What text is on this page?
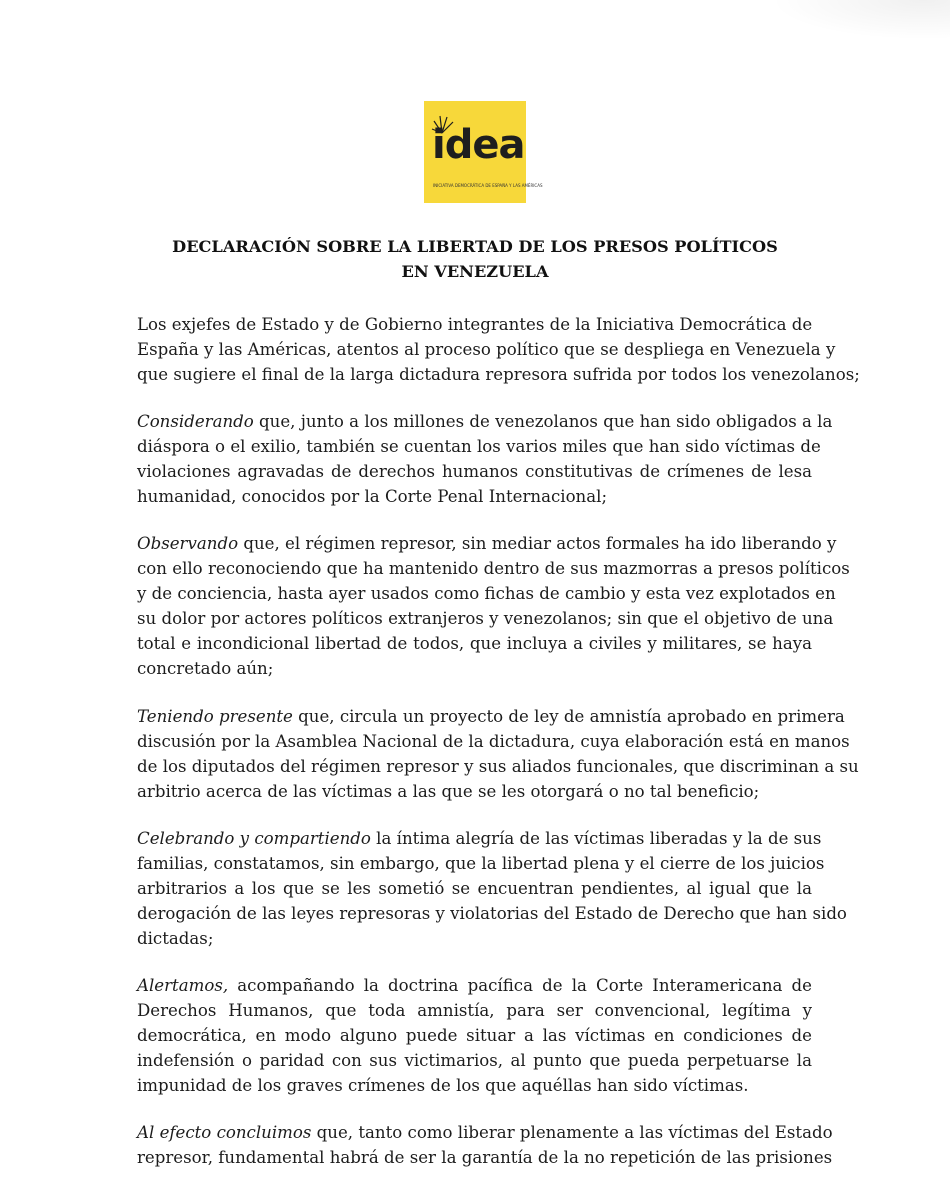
idea
INICIATIVA DEMOCRÁTICA DE ESPAÑA Y LAS AMÉRICAS
DECLARACIÓN SOBRE LA LIBERTAD DE LOS PRESOS POLÍTICOS
EN VENEZUELA
Los exjefes de Estado y de Gobierno integrantes de la Iniciativa Democrática de
España y las Américas, atentos al proceso político que se despliega en Venezuela y
que sugiere el final de la larga dictadura represora sufrida por todos los venezolanos;
Considerando que, junto a los millones de venezolanos que han sido obligados a la
diáspora o el exilio, también se cuentan los varios miles que han sido víctimas de
violaciones agravadas de derechos humanos constitutivas de crímenes de lesa
humanidad, conocidos por la Corte Penal Internacional;
Observando que, el régimen represor, sin mediar actos formales ha ido liberando y
con ello reconociendo que ha mantenido dentro de sus mazmorras a presos políticos
y de conciencia, hasta ayer usados como fichas de cambio y esta vez explotados en
su dolor por actores políticos extranjeros y venezolanos; sin que el objetivo de una
total e incondicional libertad de todos, que incluya a civiles y militares, se haya
concretado aún;
Teniendo presente que, circula un proyecto de ley de amnistía aprobado en primera
discusión por la Asamblea Nacional de la dictadura, cuya elaboración está en manos
de los diputados del régimen represor y sus aliados funcionales, que discriminan a su
arbitrio acerca de las víctimas a las que se les otorgará o no tal beneficio;
Celebrando y compartiendo la íntima alegría de las víctimas liberadas y la de sus
familias, constatamos, sin embargo, que la libertad plena y el cierre de los juicios
arbitrarios a los que se les sometió se encuentran pendientes, al igual que la
derogación de las leyes represoras y violatorias del Estado de Derecho que han sido
dictadas;
Alertamos, acompañando la doctrina pacífica de la Corte Interamericana de
Derechos Humanos, que toda amnistía, para ser convencional, legítima y
democrática, en modo alguno puede situar a las víctimas en condiciones de
indefensión o paridad con sus victimarios, al punto que pueda perpetuarse la
impunidad de los graves crímenes de los que aquéllas han sido víctimas.
Al efecto concluimos que, tanto como liberar plenamente a las víctimas del Estado
represor, fundamental habrá de ser la garantía de la no repetición de las prisiones
